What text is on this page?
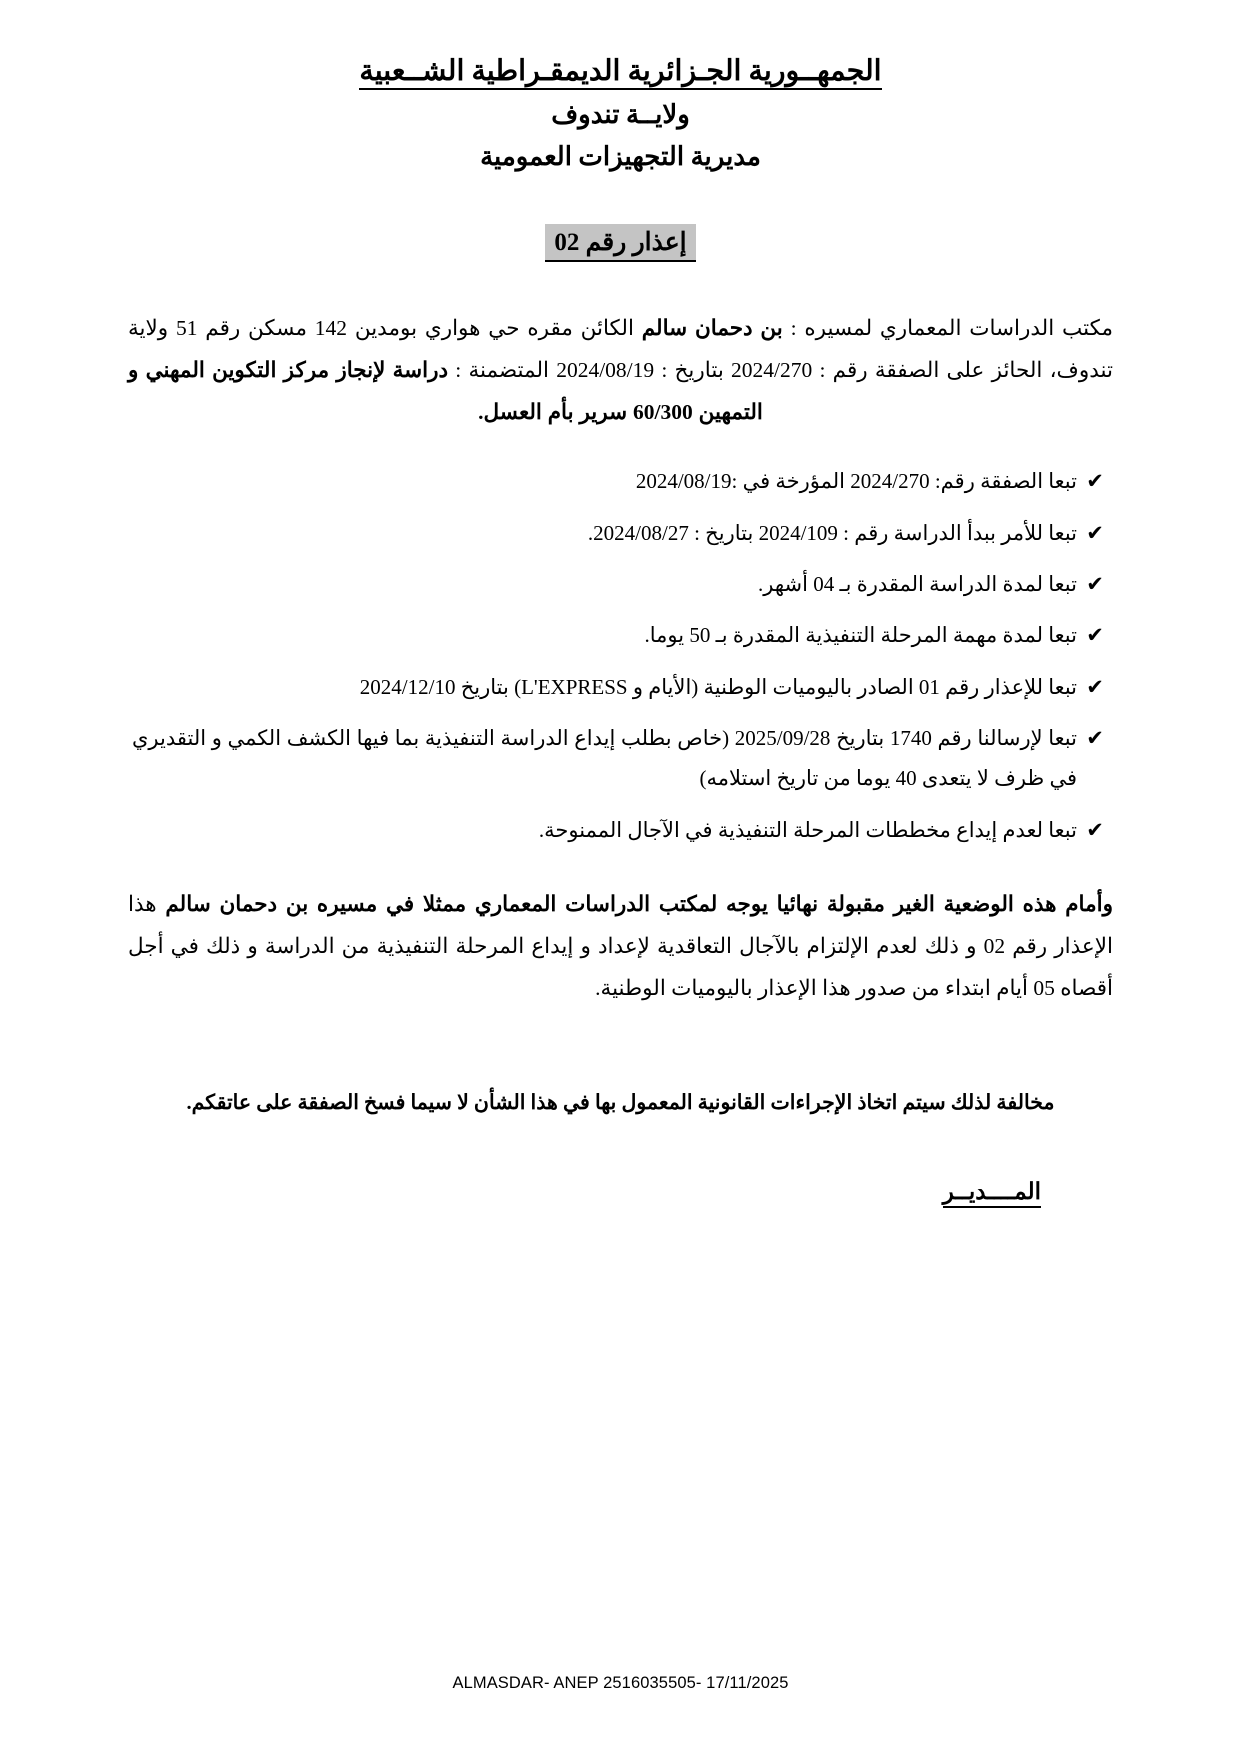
الجمهــورية الجـزائرية الديمقـراطية الشــعبية
ولايــة تندوف
مديرية التجهيزات العمومية
إعذار رقم 02
مكتب الدراسات المعماري لمسيره : بن دحمان سالم الكائن مقره حي هواري بومدين 142 مسكن رقم 51 ولاية تندوف، الحائز على الصفقة رقم : 2024/270 بتاريخ : 2024/08/19 المتضمنة : دراسة لإنجاز مركز التكوين المهني و التمهين 60/300 سرير بأم العسل.
✔
تبعا الصفقة رقم: 2024/270 المؤرخة في :2024/08/19
✔
تبعا للأمر ببدأ الدراسة رقم : 2024/109 بتاريخ : 2024/08/27.
✔
تبعا لمدة الدراسة المقدرة بـ 04 أشهر.
✔
تبعا لمدة مهمة المرحلة التنفيذية المقدرة بـ 50 يوما.
✔
تبعا للإعذار رقم 01 الصادر باليوميات الوطنية (الأيام و L'EXPRESS) بتاريخ 2024/12/10
✔
تبعا لإرسالنا رقم 1740 بتاريخ 2025/09/28 (خاص بطلب إيداع الدراسة التنفيذية بما فيها الكشف الكمي و التقديري في ظرف لا يتعدى 40 يوما من تاريخ استلامه)
✔
تبعا لعدم إيداع مخططات المرحلة التنفيذية في الآجال الممنوحة.
وأمام هذه الوضعية الغير مقبولة نهائيا يوجه لمكتب الدراسات المعماري ممثلا في مسيره بن دحمان سالم هذا الإعذار رقم 02 و ذلك لعدم الإلتزام بالآجال التعاقدية لإعداد و إيداع المرحلة التنفيذية من الدراسة و ذلك في أجل أقصاه 05 أيام ابتداء من صدور هذا الإعذار باليوميات الوطنية.
مخالفة لذلك سيتم اتخاذ الإجراءات القانونية المعمول بها في هذا الشأن لا سيما فسخ الصفقة على عاتقكم.
المــــديــر
ALMASDAR- ANEP 2516035505- 17/11/2025
